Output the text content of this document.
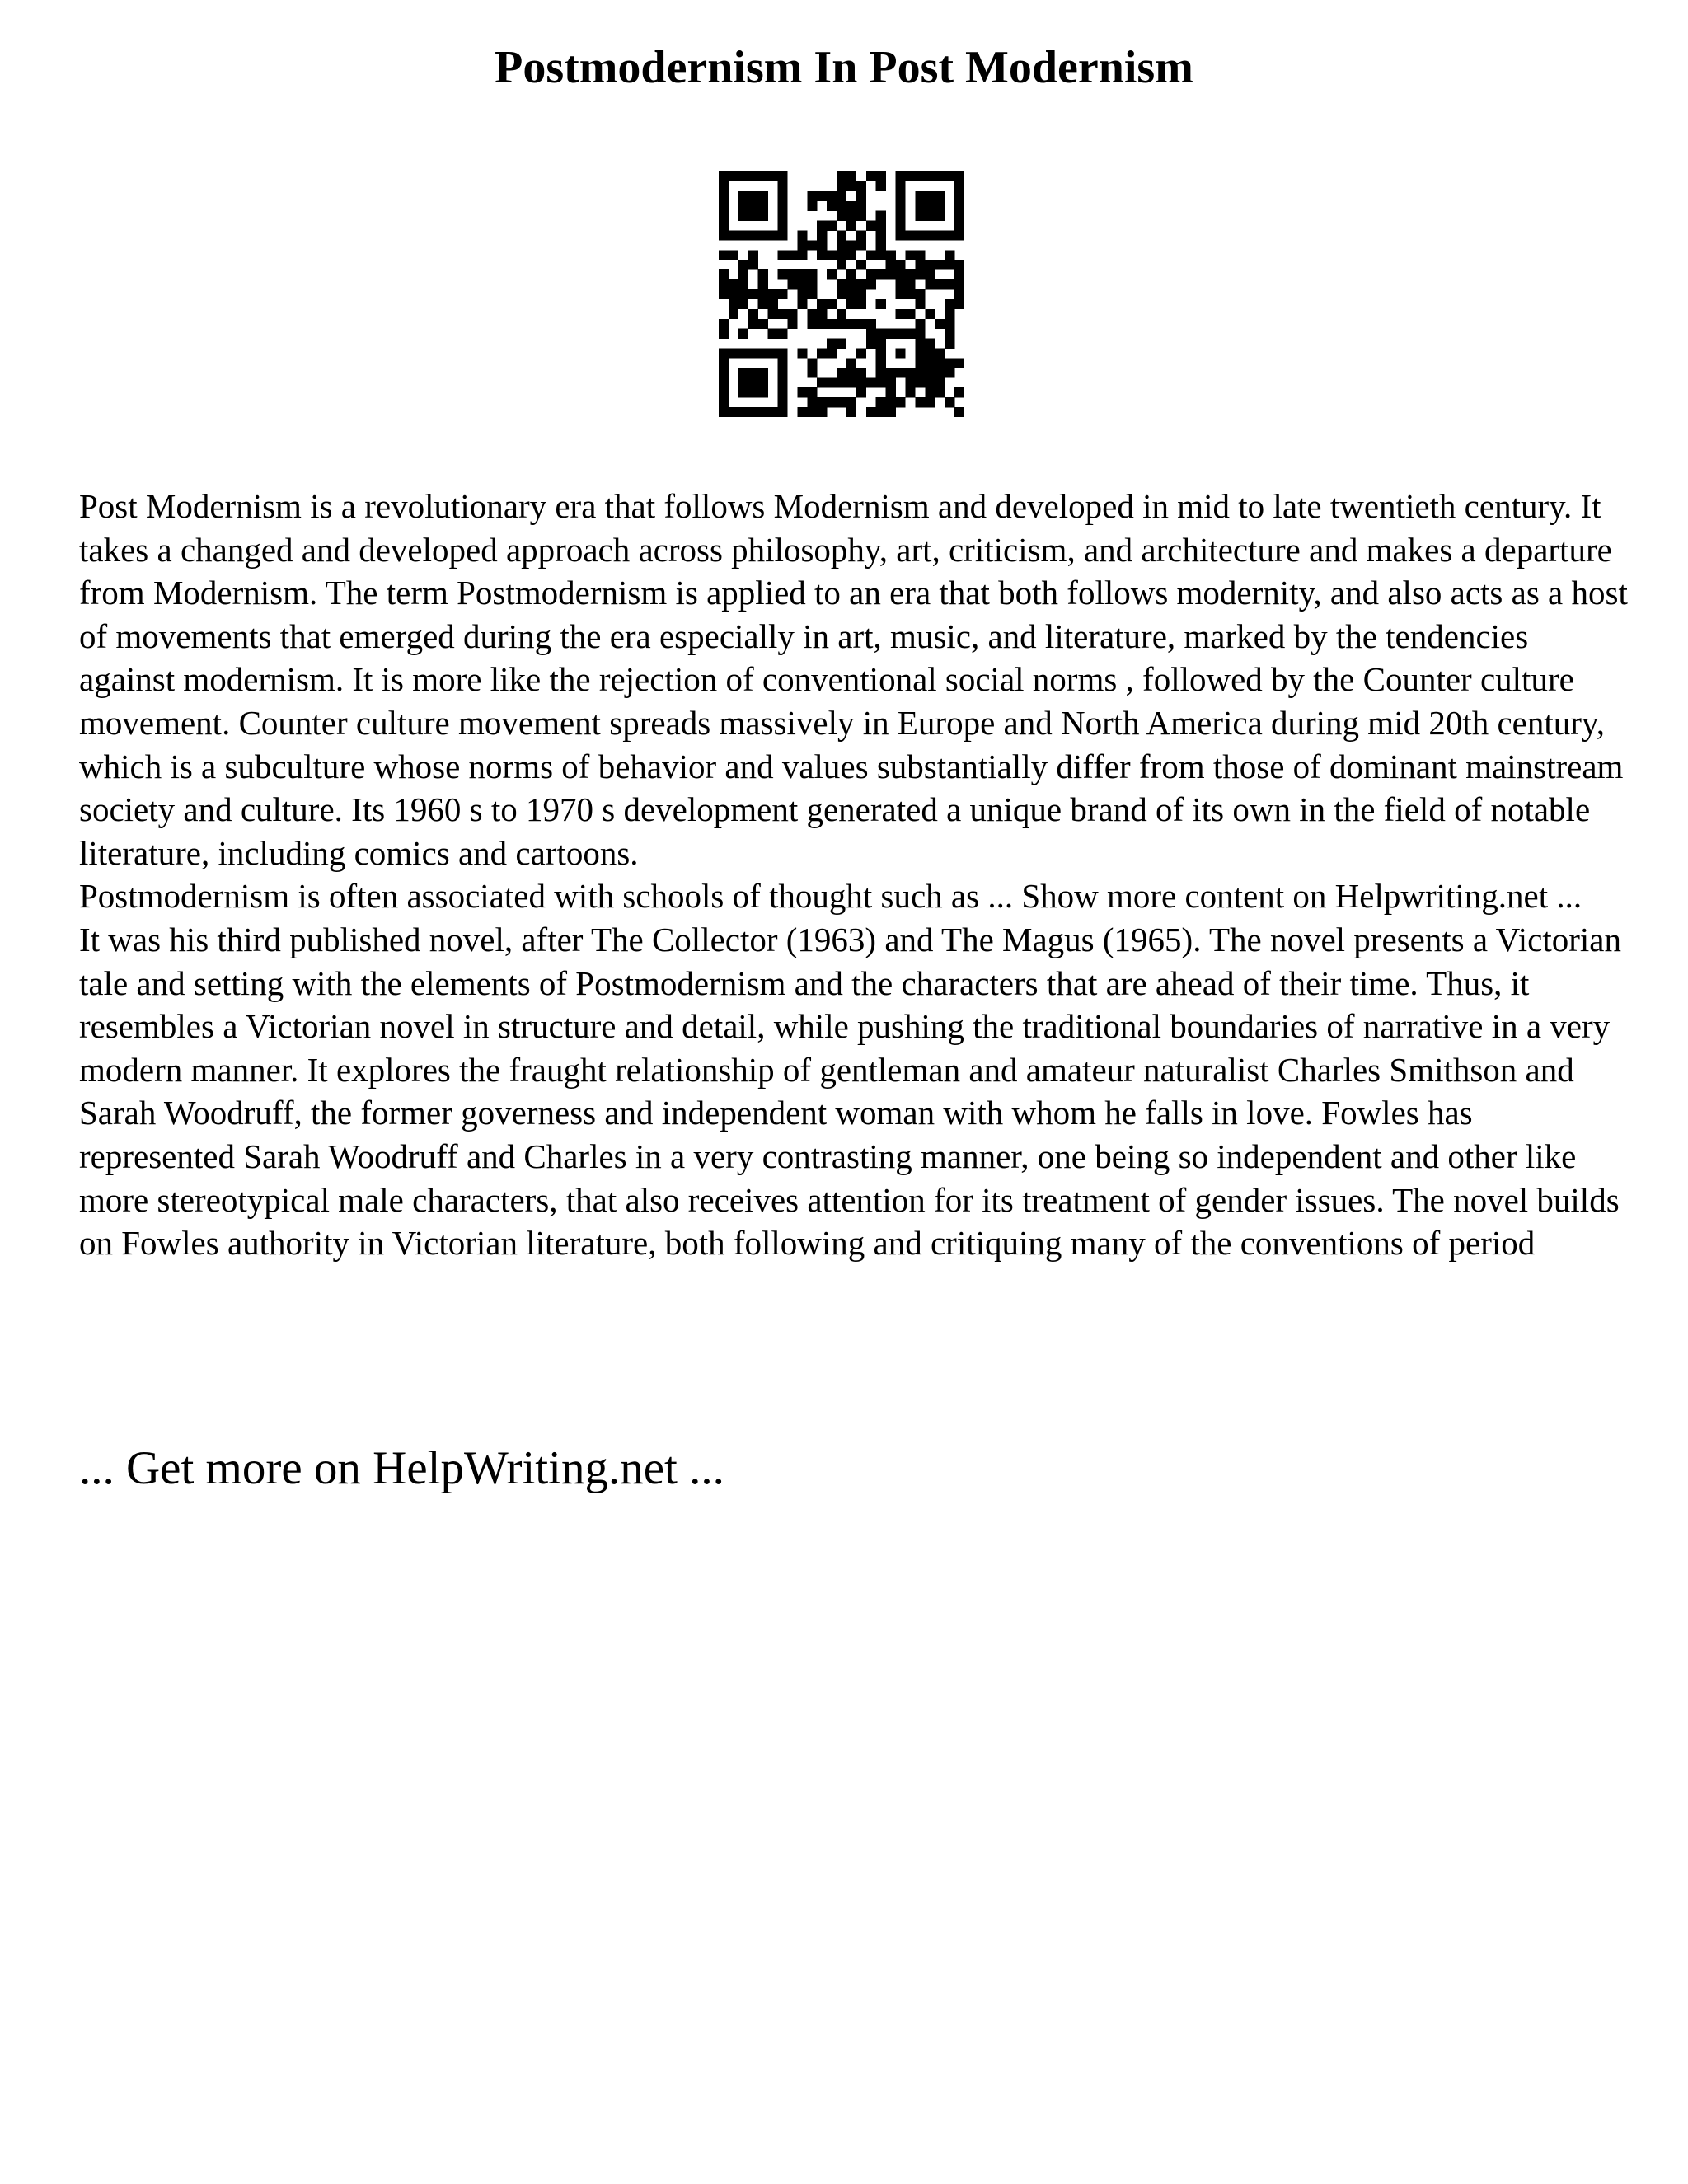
Postmodernism In Post Modernism

Post Modernism is a revolutionary era that follows Modernism and developed in mid to late twentieth century. It takes a changed and developed approach across philosophy, art, criticism, and architecture and makes a departure from Modernism. The term Postmodernism is applied to an era that both follows modernity, and also acts as a host of movements that emerged during the era especially in art, music, and literature, marked by the tendencies against modernism. It is more like the rejection of conventional social norms , followed by the Counter culture movement. Counter culture movement spreads massively in Europe and North America during mid 20th century, which is a subculture whose norms of behavior and values substantially differ from those of dominant mainstream society and culture. Its 1960 s to 1970 s development generated a unique brand of its own in the field of notable literature, including comics and cartoons.

Postmodernism is often associated with schools of thought such as ... Show more content on Helpwriting.net ...

It was his third published novel, after The Collector (1963) and The Magus (1965). The novel presents a Victorian tale and setting with the elements of Postmodernism and the characters that are ahead of their time. Thus, it resembles a Victorian novel in structure and detail, while pushing the traditional boundaries of narrative in a very modern manner. It explores the fraught relationship of gentleman and amateur naturalist Charles Smithson and Sarah Woodruff, the former governess and independent woman with whom he falls in love. Fowles has represented Sarah Woodruff and Charles in a very contrasting manner, one being so independent and other like more stereotypical male characters, that also receives attention for its treatment of gender issues. The novel builds on Fowles authority in Victorian literature, both following and critiquing many of the conventions of period

... Get more on HelpWriting.net ...
